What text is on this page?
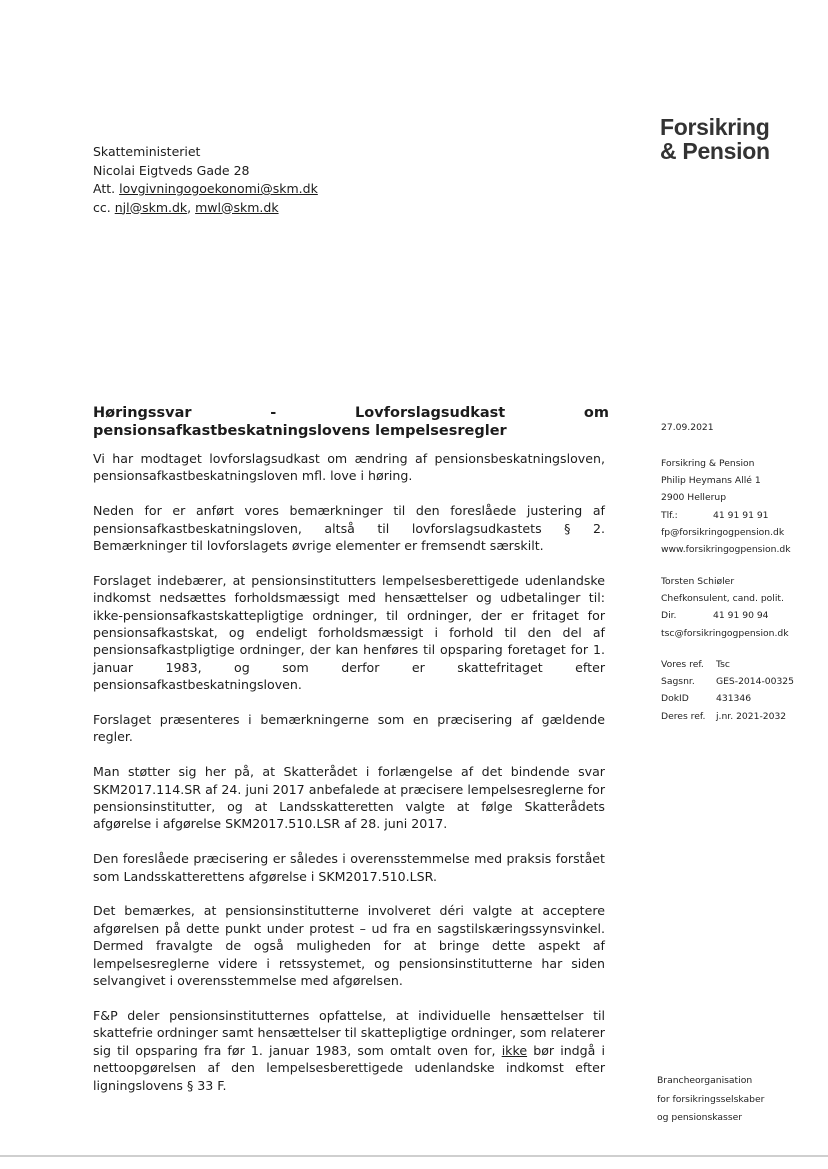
Forsikring
& Pension
Skatteministeriet
Nicolai Eigtveds Gade 28
Att. lovgivningogoekonomi@skm.dk
cc. njl@skm.dk, mwl@skm.dk
Høringssvar - Lovforslagsudkast om pensionsafkastbeskatningslovens lempelsesregler

Vi har modtaget lovforslagsudkast om ændring af pensionsbeskatningsloven, pensionsafkastbeskatningsloven mfl. love i høring.

Neden for er anført vores bemærkninger til den foreslåede justering af pensionsafkastbeskatningsloven, altså til lovforslagsudkastets § 2. Bemærkninger til lovforslagets øvrige elementer er fremsendt særskilt.

Forslaget indebærer, at pensionsinstitutters lempelsesberettigede udenlandske indkomst nedsættes forholdsmæssigt med hensættelser og udbetalinger til: ikke-pensionsafkastskattepligtige ordninger, til ordninger, der er fritaget for pensionsafkastskat, og endeligt forholdsmæssigt i forhold til den del af pensionsafkastpligtige ordninger, der kan henføres til opsparing foretaget for 1. januar 1983, og som derfor er skattefritaget efter pensionsafkastbeskatningsloven.

Forslaget præsenteres i bemærkningerne som en præcisering af gældende regler.

Man støtter sig her på, at Skatterådet i forlængelse af det bindende svar SKM2017.114.SR af 24. juni 2017 anbefalede at præcisere lempelsesreglerne for pensionsinstitutter, og at Landsskatteretten valgte at følge Skatterådets afgørelse i afgørelse SKM2017.510.LSR af 28. juni 2017.

Den foreslåede præcisering er således i overensstemmelse med praksis forstået som Landsskatterettens afgørelse i SKM2017.510.LSR.

Det bemærkes, at pensionsinstitutterne involveret déri valgte at acceptere afgørelsen på dette punkt under protest – ud fra en sagstilskæringssynsvinkel. Dermed fravalgte de også muligheden for at bringe dette aspekt af lempelsesreglerne videre i retssystemet, og pensionsinstitutterne har siden selvangivet i overensstemmelse med afgørelsen.

F&P deler pensionsinstitutternes opfattelse, at individuelle hensættelser til skattefrie ordninger samt hensættelser til skattepligtige ordninger, som relaterer sig til opsparing fra før 1. januar 1983, som omtalt oven for, ikke bør indgå i nettoopgørelsen af den lempelsesberettigede udenlandske indkomst efter ligningslovens § 33 F.

27.09.2021
Forsikring & Pension
Philip Heymans Allé 1
2900 Hellerup
Tlf.:	41 91 91 91
fp@forsikringogpension.dk
www.forsikringogpension.dk
Torsten Schiøler
Chefkonsulent, cand. polit.
Dir.	41 91 90 94
tsc@forsikringogpension.dk
Vores ref. Tsc
Sagsnr. GES-2014-00325
DokID	431346
Deres ref. j.nr. 2021-2032
Brancheorganisation
for forsikringsselskaber
og pensionskasser
